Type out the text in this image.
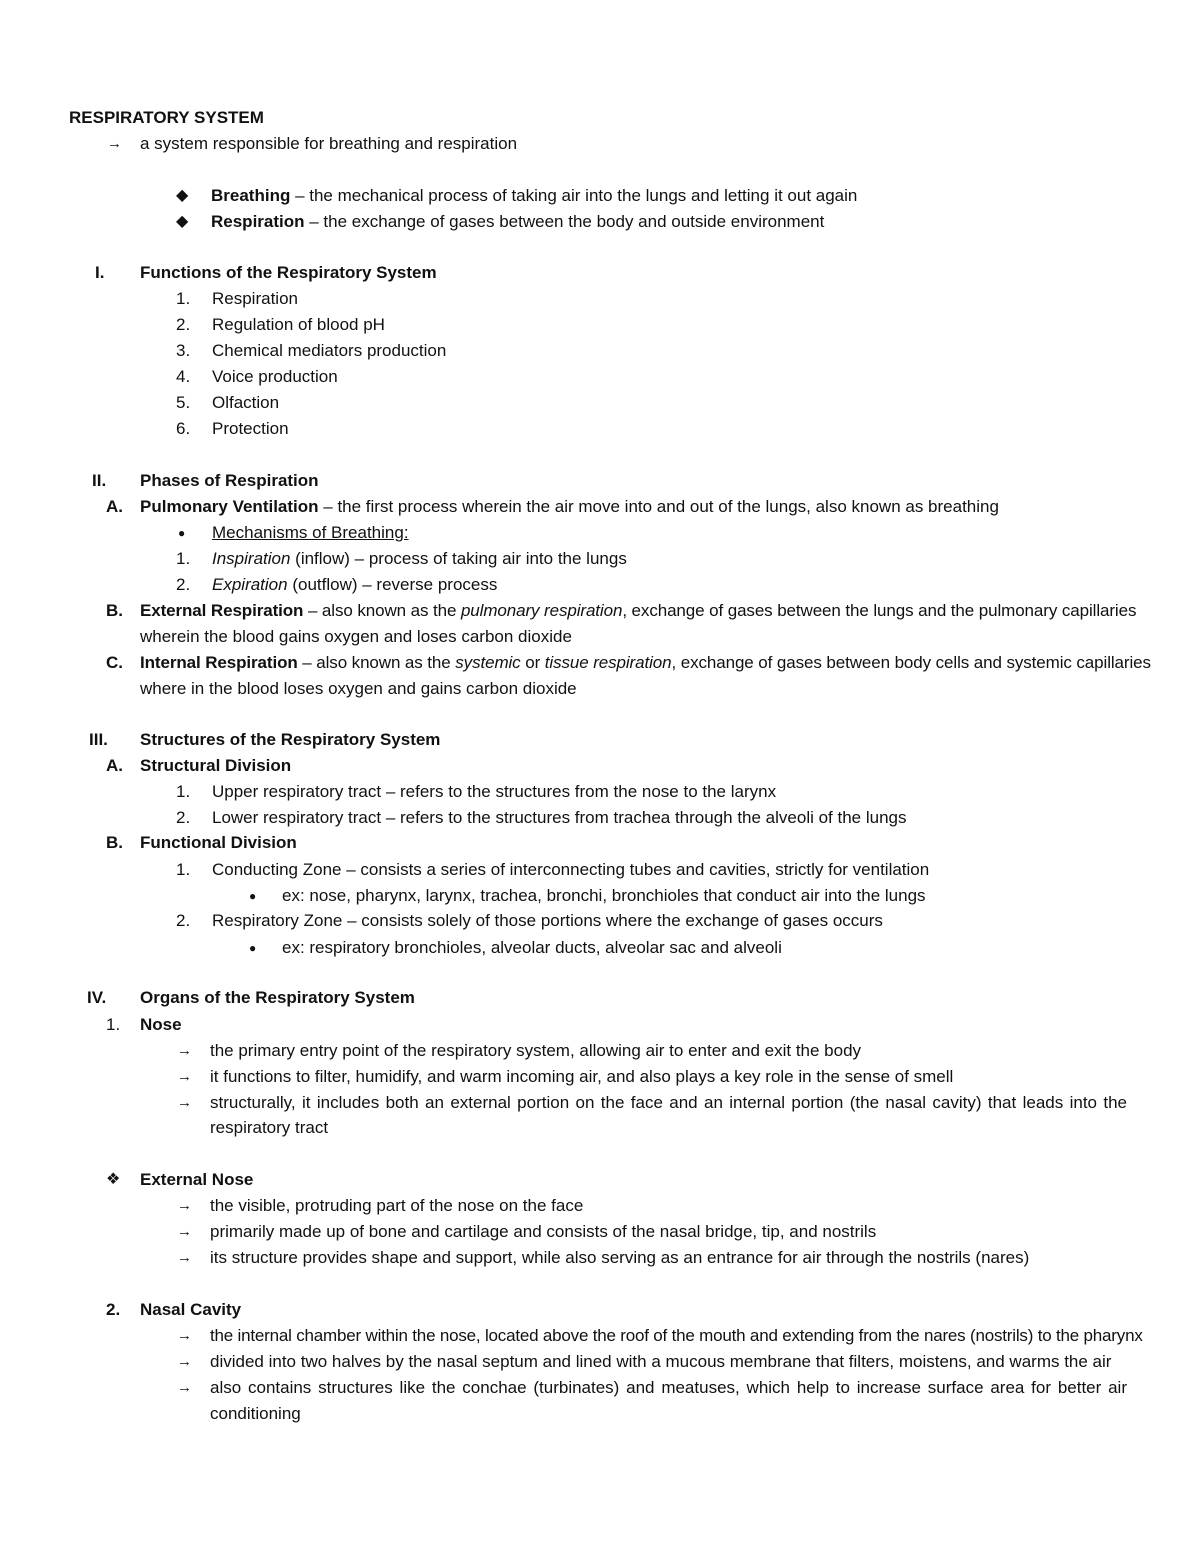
RESPIRATORY SYSTEM
→ a system responsible for breathing and respiration
◆ Breathing – the mechanical process of taking air into the lungs and letting it out again
◆ Respiration – the exchange of gases between the body and outside environment
I. Functions of the Respiratory System
1. Respiration
2. Regulation of blood pH
3. Chemical mediators production
4. Voice production
5. Olfaction
6. Protection
II. Phases of Respiration
A. Pulmonary Ventilation – the first process wherein the air move into and out of the lungs, also known as breathing
● Mechanisms of Breathing:
1. Inspiration (inflow) – process of taking air into the lungs
2. Expiration (outflow) – reverse process
B. External Respiration – also known as the pulmonary respiration, exchange of gases between the lungs and the pulmonary capillaries
wherein the blood gains oxygen and loses carbon dioxide
C. Internal Respiration – also known as the systemic or tissue respiration, exchange of gases between body cells and systemic capillaries
where in the blood loses oxygen and gains carbon dioxide
III. Structures of the Respiratory System
A. Structural Division
1. Upper respiratory tract – refers to the structures from the nose to the larynx
2. Lower respiratory tract – refers to the structures from trachea through the alveoli of the lungs
B. Functional Division
1. Conducting Zone – consists a series of interconnecting tubes and cavities, strictly for ventilation
● ex: nose, pharynx, larynx, trachea, bronchi, bronchioles that conduct air into the lungs
2. Respiratory Zone – consists solely of those portions where the exchange of gases occurs
● ex: respiratory bronchioles, alveolar ducts, alveolar sac and alveoli
IV. Organs of the Respiratory System
1. Nose
→ the primary entry point of the respiratory system, allowing air to enter and exit the body
→ it functions to filter, humidify, and warm incoming air, and also plays a key role in the sense of smell
→ structurally, it includes both an external portion on the face and an internal portion (the nasal cavity) that leads into the
respiratory tract
❖ External Nose
→ the visible, protruding part of the nose on the face
→ primarily made up of bone and cartilage and consists of the nasal bridge, tip, and nostrils
→ its structure provides shape and support, while also serving as an entrance for air through the nostrils (nares)
2. Nasal Cavity
→ the internal chamber within the nose, located above the roof of the mouth and extending from the nares (nostrils) to the pharynx
→ divided into two halves by the nasal septum and lined with a mucous membrane that filters, moistens, and warms the air
→ also contains structures like the conchae (turbinates) and meatuses, which help to increase surface area for better air
conditioning
